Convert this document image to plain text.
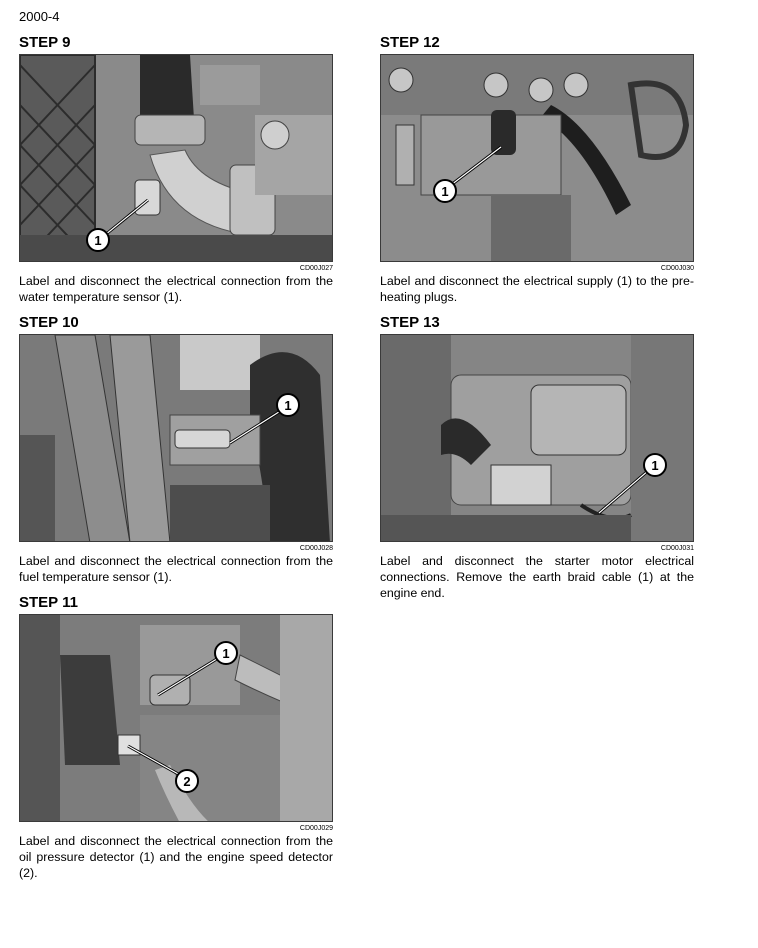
2000-4
STEP 9
1
CD00J027
Label and disconnect the electrical connection from the water temperature sensor (1).
STEP 10
1
CD00J028
Label and disconnect the electrical connection from the fuel temperature sensor (1).
STEP 11
1
2
CD00J029
Label and disconnect the electrical connection from the oil pressure detector (1) and the engine speed detector (2).
STEP 12
1
CD00J030
Label and disconnect the electrical supply (1) to the pre-heating plugs.
STEP 13
1
CD00J031
Label and disconnect the starter motor electrical connections. Remove the earth braid cable (1) at the engine end.
